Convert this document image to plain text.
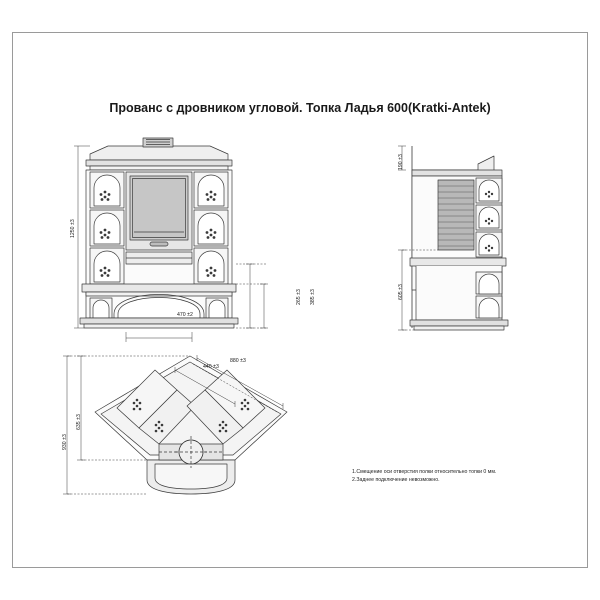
Прованс с дровником угловой. Топка Ладья 600(Kratki-Antek)
1250 ±3
470 ±2
385 ±3
265 ±3
190 ±3
605 ±3
930 ±3
635 ±3
880 ±3
440 ±3
1.Смещение оси отверстия полки относительно топки 0 мм.
2.Заднее подключение невозможно.
